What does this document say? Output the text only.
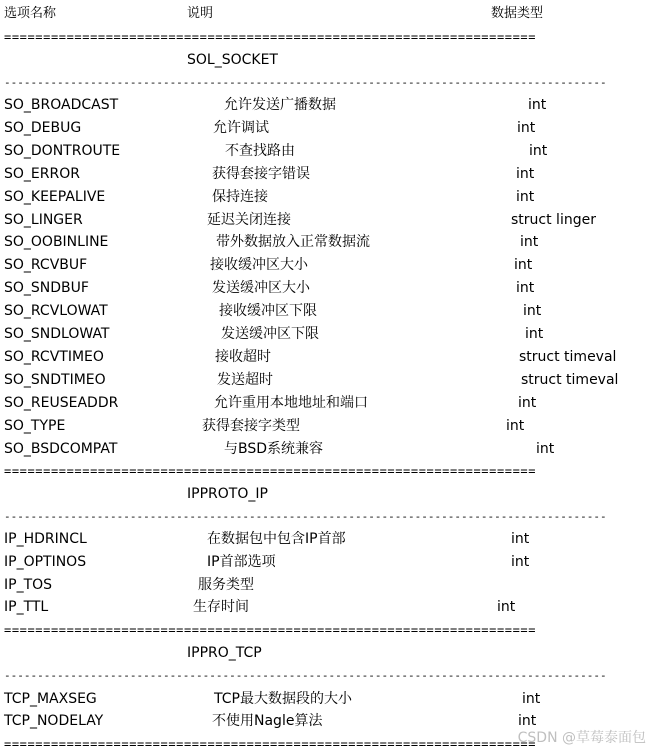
选项名称	说明	数据类型
====================================================================
SOL_SOCKET
-------------------------------------------------------------------------------------------
SO_BROADCAST	允许发送广播数据	int
SO_DEBUG	允许调试	int
SO_DONTROUTE	不查找路由	int
SO_ERROR	获得套接字错误	int
SO_KEEPALIVE	保持连接	int
SO_LINGER	延迟关闭连接	struct linger
SO_OOBINLINE	带外数据放入正常数据流	int
SO_RCVBUF	接收缓冲区大小	int
SO_SNDBUF	发送缓冲区大小	int
SO_RCVLOWAT	接收缓冲区下限	int
SO_SNDLOWAT	发送缓冲区下限	int
SO_RCVTIMEO	接收超时	struct timeval
SO_SNDTIMEO	发送超时	struct timeval
SO_REUSEADDR	允许重用本地地址和端口	int
SO_TYPE	获得套接字类型	int
SO_BSDCOMPAT	与BSD系统兼容	int
====================================================================
IPPROTO_IP
-------------------------------------------------------------------------------------------
IP_HDRINCL	在数据包中包含IP首部	int
IP_OPTINOS	IP首部选项	int
IP_TOS	服务类型
IP_TTL	生存时间	int
====================================================================
IPPRO_TCP
-------------------------------------------------------------------------------------------
TCP_MAXSEG	TCP最大数据段的大小	int
TCP_NODELAY	不使用Nagle算法	int
====================================================================
CSDN @草莓泰面包
